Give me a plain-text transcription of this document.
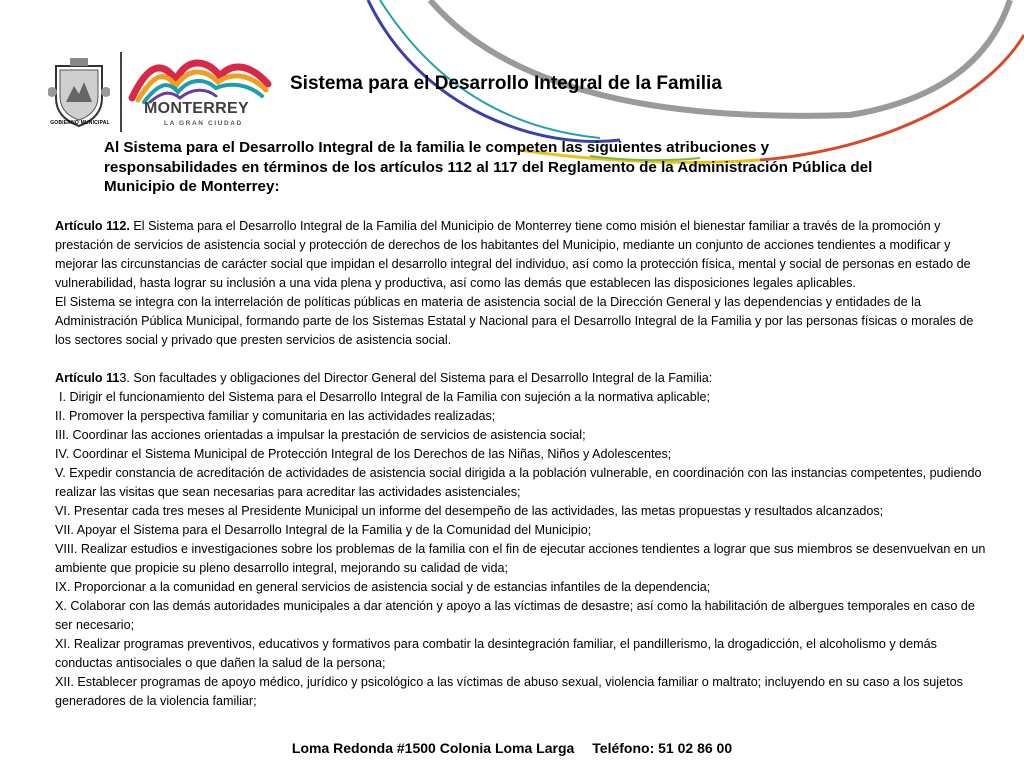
GOBIERNO MUNICIPAL
MONTERREY
LA GRAN CIUDAD
Sistema para el Desarrollo Integral de la Familia

Al Sistema para el Desarrollo Integral de la familia le competen las siguientes atribuciones y responsabilidades en términos de los artículos 112 al 117 del Reglamento de la Administración Pública del Municipio de Monterrey:

Artículo 112. El Sistema para el Desarrollo Integral de la Familia del Municipio de Monterrey tiene como misión el bienestar familiar a través de la promoción y prestación de servicios de asistencia social y protección de derechos de los habitantes del Municipio, mediante un conjunto de acciones tendientes a modificar y mejorar las circunstancias de carácter social que impidan el desarrollo integral del individuo, así como la protección física, mental y social de personas en estado de vulnerabilidad, hasta lograr su inclusión a una vida plena y productiva, así como las demás que establecen las disposiciones legales aplicables.

El Sistema se integra con la interrelación de políticas públicas en materia de asistencia social de la Dirección General y las dependencias y entidades de la Administración Pública Municipal, formando parte de los Sistemas Estatal y Nacional para el Desarrollo Integral de la Familia y por las personas físicas o morales de los sectores social y privado que presten servicios de asistencia social.

Artículo 113. Son facultades y obligaciones del Director General del Sistema para el Desarrollo Integral de la Familia:

I. Dirigir el funcionamiento del Sistema para el Desarrollo Integral de la Familia con sujeción a la normativa aplicable;

II. Promover la perspectiva familiar y comunitaria en las actividades realizadas;

III. Coordinar las acciones orientadas a impulsar la prestación de servicios de asistencia social;

IV. Coordinar el Sistema Municipal de Protección Integral de los Derechos de las Niñas, Niños y Adolescentes;

V. Expedir constancia de acreditación de actividades de asistencia social dirigida a la población vulnerable, en coordinación con las instancias competentes, pudiendo realizar las visitas que sean necesarias para acreditar las actividades asistenciales;

VI. Presentar cada tres meses al Presidente Municipal un informe del desempeño de las actividades, las metas propuestas y resultados alcanzados;

VII. Apoyar el Sistema para el Desarrollo Integral de la Familia y de la Comunidad del Municipio;

VIII. Realizar estudios e investigaciones sobre los problemas de la familia con el fin de ejecutar acciones tendientes a lograr que sus miembros se desenvuelvan en un ambiente que propicie su pleno desarrollo integral, mejorando su calidad de vida;

IX. Proporcionar a la comunidad en general servicios de asistencia social y de estancias infantiles de la dependencia;

X. Colaborar con las demás autoridades municipales a dar atención y apoyo a las víctimas de desastre; así como la habilitación de albergues temporales en caso de ser necesario;

XI. Realizar programas preventivos, educativos y formativos para combatir la desintegración familiar, el pandillerismo, la drogadicción, el alcoholismo y demás conductas antisociales o que dañen la salud de la persona;

XII. Establecer programas de apoyo médico, jurídico y psicológico a las víctimas de abuso sexual, violencia familiar o maltrato; incluyendo en su caso a los sujetos generadores de la violencia familiar;

Loma Redonda #1500 Colonia Loma Larga Teléfono: 51 02 86 00
